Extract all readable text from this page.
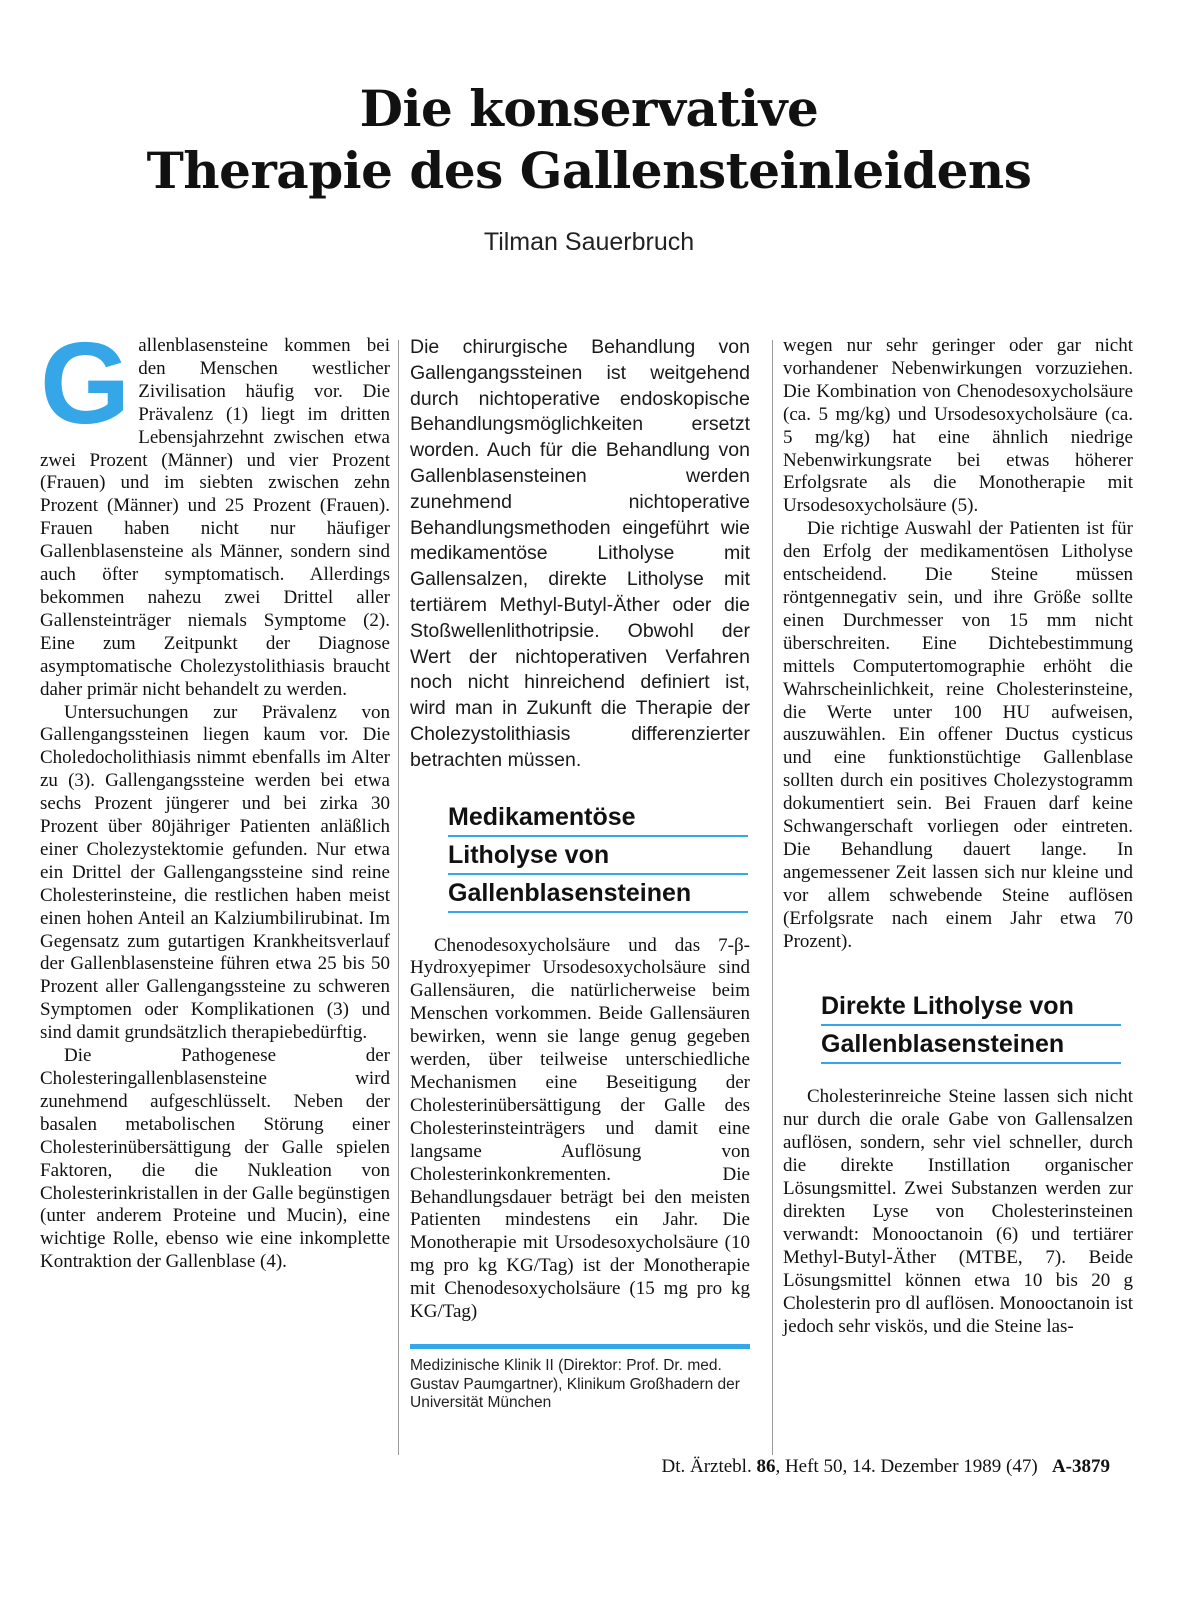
Die konservative
Therapie des Gallensteinleidens

Tilman Sauerbruch

G allenblasensteine kommen bei den Menschen westlicher Zivilisation häufig vor. Die Prävalenz (1) liegt im dritten Lebensjahrzehnt zwischen etwa zwei Prozent (Männer) und vier Prozent (Frauen) und im siebten zwischen zehn Prozent (Männer) und 25 Prozent (Frauen). Frauen haben nicht nur häufiger Gallenblasensteine als Männer, sondern sind auch öfter symptomatisch. Allerdings bekommen nahezu zwei Drittel aller Gallensteinträger niemals Symptome (2). Eine zum Zeitpunkt der Diagnose asymptomatische Cholezystolithiasis braucht daher primär nicht behandelt zu werden.

Untersuchungen zur Prävalenz von Gallengangssteinen liegen kaum vor. Die Choledocholithiasis nimmt ebenfalls im Alter zu (3). Gallengangssteine werden bei etwa sechs Prozent jüngerer und bei zirka 30 Prozent über 80jähriger Patienten anläßlich einer Cholezystektomie gefunden. Nur etwa ein Drittel der Gallengangssteine sind reine Cholesterinsteine, die restlichen haben meist einen hohen Anteil an Kalziumbilirubinat. Im Gegensatz zum gutartigen Krankheitsverlauf der Gallenblasensteine führen etwa 25 bis 50 Prozent aller Gallengangssteine zu schweren Symptomen oder Komplikationen (3) und sind damit grundsätzlich therapiebedürftig.

Die Pathogenese der Cholesteringallenblasensteine wird zunehmend aufgeschlüsselt. Neben der basalen metabolischen Störung einer Cholesterinübersättigung der Galle spielen Faktoren, die die Nukleation von Cholesterinkristallen in der Galle begünstigen (unter anderem Proteine und Mucin), eine wichtige Rolle, ebenso wie eine inkomplette Kontraktion der Gallenblase (4).

Die chirurgische Behandlung von Gallengangssteinen ist weitgehend durch nichtoperative endoskopische Behandlungsmöglichkeiten ersetzt worden. Auch für die Behandlung von Gallenblasensteinen werden zunehmend nichtoperative Behandlungsmethoden eingeführt wie medikamentöse Litholyse mit Gallensalzen, direkte Litholyse mit tertiärem Methyl-Butyl-Äther oder die Stoßwellenlithotripsie. Obwohl der Wert der nichtoperativen Verfahren noch nicht hinreichend definiert ist, wird man in Zukunft die Therapie der Cholezystolithiasis differenzierter betrachten müssen.

Medikamentöse
Litholyse von
Gallenblasensteinen

Chenodesoxycholsäure und das 7-β-Hydroxyepimer Ursodesoxycholsäure sind Gallensäuren, die natürlicherweise beim Menschen vorkommen. Beide Gallensäuren bewirken, wenn sie lange genug gegeben werden, über teilweise unterschiedliche Mechanismen eine Beseitigung der Cholesterinübersättigung der Galle des Cholesterinsteinträgers und damit eine langsame Auflösung von Cholesterinkonkrementen. Die Behandlungsdauer beträgt bei den meisten Patienten mindestens ein Jahr. Die Monotherapie mit Ursodesoxycholsäure (10 mg pro kg KG/Tag) ist der Monotherapie mit Chenodesoxycholsäure (15 mg pro kg KG/Tag)

Medizinische Klinik II (Direktor: Prof. Dr. med. Gustav Paumgartner), Klinikum Großhadern der Universität München

wegen nur sehr geringer oder gar nicht vorhandener Nebenwirkungen vorzuziehen. Die Kombination von Chenodesoxycholsäure (ca. 5 mg/kg) und Ursodesoxycholsäure (ca. 5 mg/kg) hat eine ähnlich niedrige Nebenwirkungsrate bei etwas höherer Erfolgsrate als die Monotherapie mit Ursodesoxycholsäure (5).

Die richtige Auswahl der Patienten ist für den Erfolg der medikamentösen Litholyse entscheidend. Die Steine müssen röntgennegativ sein, und ihre Größe sollte einen Durchmesser von 15 mm nicht überschreiten. Eine Dichtebestimmung mittels Computertomographie erhöht die Wahrscheinlichkeit, reine Cholesterinsteine, die Werte unter 100 HU aufweisen, auszuwählen. Ein offener Ductus cysticus und eine funktionstüchtige Gallenblase sollten durch ein positives Cholezystogramm dokumentiert sein. Bei Frauen darf keine Schwangerschaft vorliegen oder eintreten. Die Behandlung dauert lange. In angemessener Zeit lassen sich nur kleine und vor allem schwebende Steine auflösen (Erfolgsrate nach einem Jahr etwa 70 Prozent).

Direkte Litholyse von
Gallenblasensteinen

Cholesterinreiche Steine lassen sich nicht nur durch die orale Gabe von Gallensalzen auflösen, sondern, sehr viel schneller, durch die direkte Instillation organischer Lösungsmittel. Zwei Substanzen werden zur direkten Lyse von Cholesterinsteinen verwandt: Monooctanoin (6) und tertiärer Methyl-Butyl-Äther (MTBE, 7). Beide Lösungsmittel können etwa 10 bis 20 g Cholesterin pro dl auflösen. Monooctanoin ist jedoch sehr viskös, und die Steine las-

Dt. Ärztebl. 86, Heft 50, 14. Dezember 1989 (47) A-3879
